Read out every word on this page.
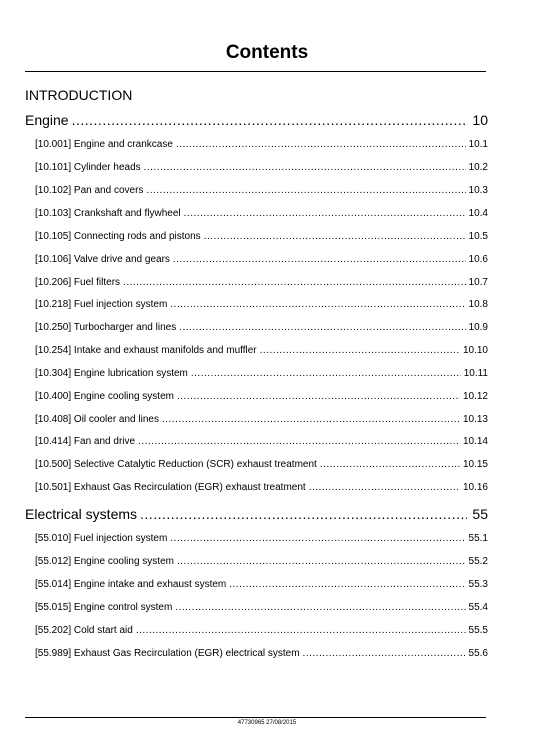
Contents
INTRODUCTION
Engine .....	10
[10.001] Engine and crankcase .....	10.1
[10.101] Cylinder heads .....	10.2
[10.102] Pan and covers .....	10.3
[10.103] Crankshaft and flywheel .....	10.4
[10.105] Connecting rods and pistons .....	10.5
[10.106] Valve drive and gears .....	10.6
[10.206] Fuel filters .....	10.7
[10.218] Fuel injection system .....	10.8
[10.250] Turbocharger and lines .....	10.9
[10.254] Intake and exhaust manifolds and muffler .....	10.10
[10.304] Engine lubrication system .....	10.11
[10.400] Engine cooling system .....	10.12
[10.408] Oil cooler and lines .....	10.13
[10.414] Fan and drive .....	10.14
[10.500] Selective Catalytic Reduction (SCR) exhaust treatment .....	10.15
[10.501] Exhaust Gas Recirculation (EGR) exhaust treatment .....	10.16
Electrical systems .....	55
[55.010] Fuel injection system .....	55.1
[55.012] Engine cooling system .....	55.2
[55.014] Engine intake and exhaust system .....	55.3
[55.015] Engine control system .....	55.4
[55.202] Cold start aid .....	55.5
[55.989] Exhaust Gas Recirculation (EGR) electrical system .....	55.6
47730965 27/08/2015
